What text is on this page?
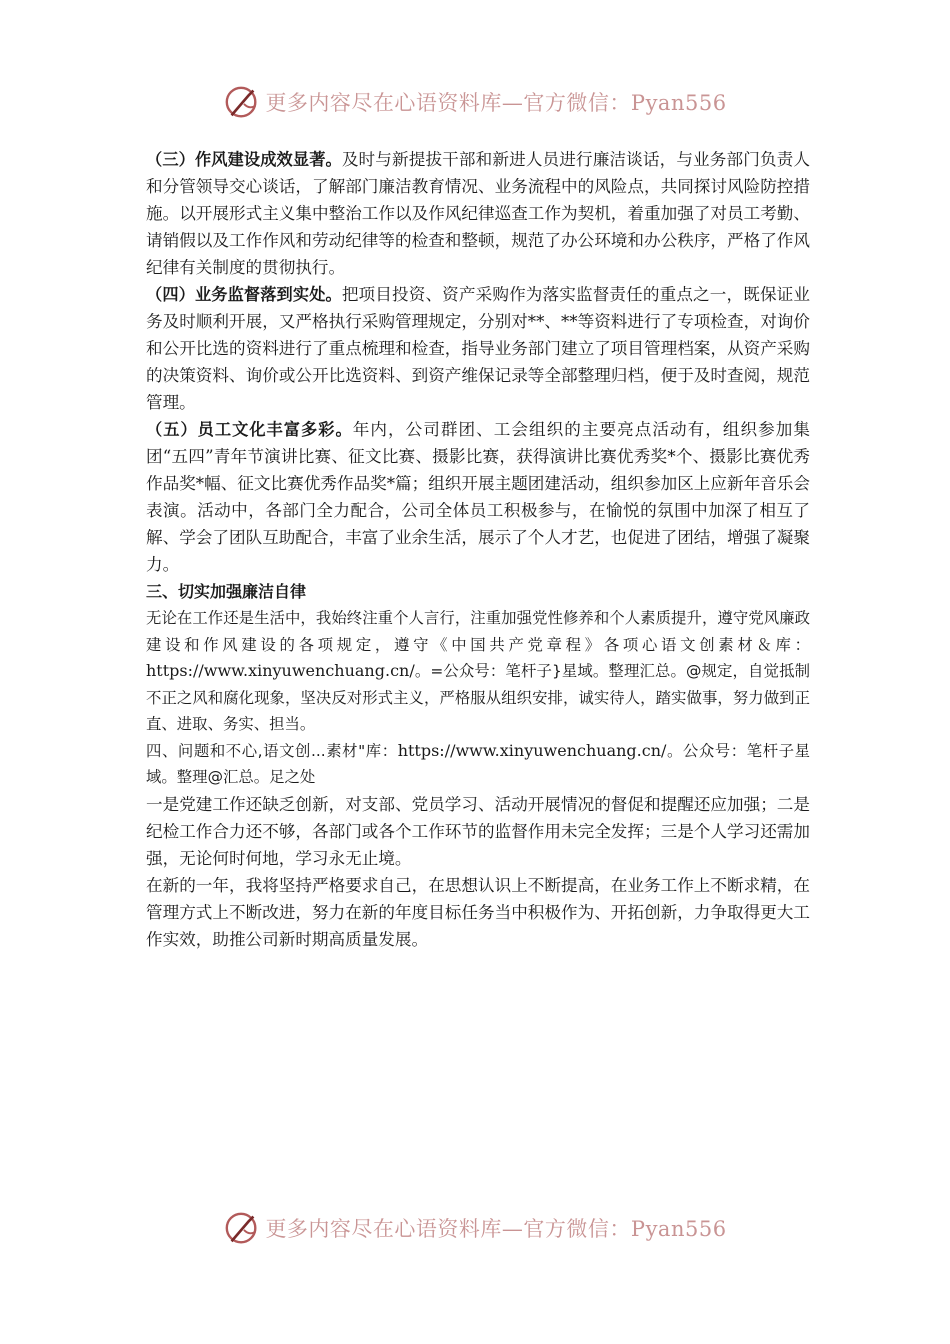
更多内容尽在心语资料库—官方微信：Pyan556

（三）作风建设成效显著。及时与新提拔干部和新进人员进行廉洁谈话，与业务部门负责人和分管领导交心谈话，了解部门廉洁教育情况、业务流程中的风险点，共同探讨风险防控措施。以开展形式主义集中整治工作以及作风纪律巡查工作为契机，着重加强了对员工考勤、请销假以及工作作风和劳动纪律等的检查和整顿，规范了办公环境和办公秩序，严格了作风纪律有关制度的贯彻执行。

（四）业务监督落到实处。把项目投资、资产采购作为落实监督责任的重点之一，既保证业务及时顺利开展，又严格执行采购管理规定，分别对**、**等资料进行了专项检查，对询价和公开比选的资料进行了重点梳理和检查，指导业务部门建立了项目管理档案，从资产采购的决策资料、询价或公开比选资料、到资产维保记录等全部整理归档，便于及时查阅，规范管理。

（五）员工文化丰富多彩。年内，公司群团、工会组织的主要亮点活动有，组织参加集团“五四”青年节演讲比赛、征文比赛、摄影比赛，获得演讲比赛优秀奖*个、摄影比赛优秀作品奖*幅、征文比赛优秀作品奖*篇；组织开展主题团建活动，组织参加区上应新年音乐会表演。活动中，各部门全力配合，公司全体员工积极参与，在愉悦的氛围中加深了相互了解、学会了团队互助配合，丰富了业余生活，展示了个人才艺，也促进了团结，增强了凝聚力。

三、切实加强廉洁自律

无论在工作还是生活中，我始终注重个人言行，注重加强党性修养和个人素质提升，遵守党风廉政建设和作风建设的各项规定，遵守《中国共产党章程》各项心语文创素材＆库：https://www.xinyuwenchuang.cn/。=公众号：笔杆子}星域。整理汇总。@规定，自觉抵制不正之风和腐化现象，坚决反对形式主义，严格服从组织安排，诚实待人，踏实做事，努力做到正直、进取、务实、担当。

四、问题和不心,语文创...素材"库：https://www.xinyuwenchuang.cn/。公众号：笔杆子星域。整理@汇总。足之处

一是党建工作还缺乏创新，对支部、党员学习、活动开展情况的督促和提醒还应加强；二是纪检工作合力还不够，各部门或各个工作环节的监督作用未完全发挥；三是个人学习还需加强，无论何时何地，学习永无止境。

在新的一年，我将坚持严格要求自己，在思想认识上不断提高，在业务工作上不断求精，在管理方式上不断改进，努力在新的年度目标任务当中积极作为、开拓创新，力争取得更大工作实效，助推公司新时期高质量发展。

更多内容尽在心语资料库—官方微信：Pyan556
